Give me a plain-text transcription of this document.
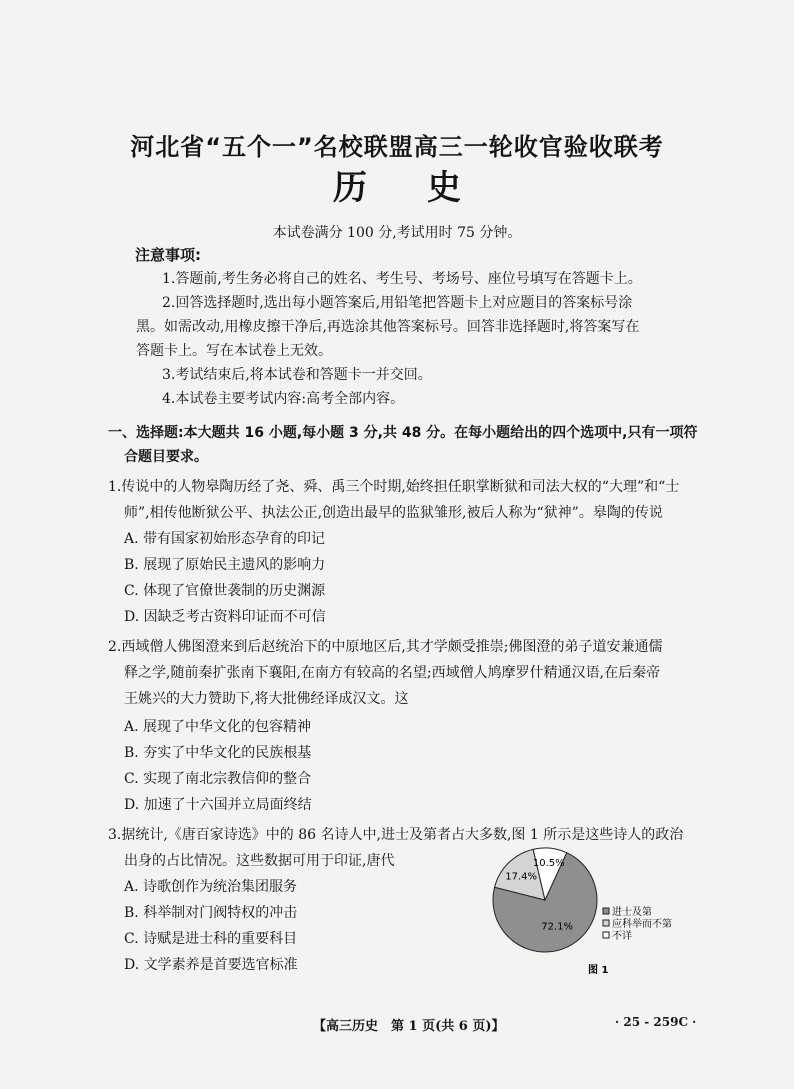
河北省“五个一”名校联盟高三一轮收官验收联考
历史
本试卷满分 100 分,考试用时 75 分钟。
注意事项:
1.答题前,考生务必将自己的姓名、考生号、考场号、座位号填写在答题卡上。
2.回答选择题时,选出每小题答案后,用铅笔把答题卡上对应题目的答案标号涂
黑。如需改动,用橡皮擦干净后,再选涂其他答案标号。回答非选择题时,将答案写在
答题卡上。写在本试卷上无效。
3.考试结束后,将本试卷和答题卡一并交回。
4.本试卷主要考试内容:高考全部内容。
一、选择题:本大题共 16 小题,每小题 3 分,共 48 分。在每小题给出的四个选项中,只有一项符
合题目要求。
1.传说中的人物皋陶历经了尧、舜、禹三个时期,始终担任职掌断狱和司法大权的“大理”和“士
师”,相传他断狱公平、执法公正,创造出最早的监狱雏形,被后人称为“狱神”。皋陶的传说
A. 带有国家初始形态孕育的印记
B. 展现了原始民主遗风的影响力
C. 体现了官僚世袭制的历史渊源
D. 因缺乏考古资料印证而不可信
2.西域僧人佛图澄来到后赵统治下的中原地区后,其才学颇受推崇;佛图澄的弟子道安兼通儒
释之学,随前秦扩张南下襄阳,在南方有较高的名望;西域僧人鸠摩罗什精通汉语,在后秦帝
王姚兴的大力赞助下,将大批佛经译成汉文。这
A. 展现了中华文化的包容精神
B. 夯实了中华文化的民族根基
C. 实现了南北宗教信仰的整合
D. 加速了十六国并立局面终结
3.据统计,《唐百家诗选》中的 86 名诗人中,进士及第者占大多数,图 1 所示是这些诗人的政治
出身的占比情况。这些数据可用于印证,唐代
A. 诗歌创作为统治集团服务
B. 科举制对门阀特权的冲击
C. 诗赋是进士科的重要科目
D. 文学素养是首要选官标准
72.1%
17.4%
10.5%
进士及第
应科举而不第
不详
图 1
【高三历史　第 1 页(共 6 页)】	· 25 - 259C ·
